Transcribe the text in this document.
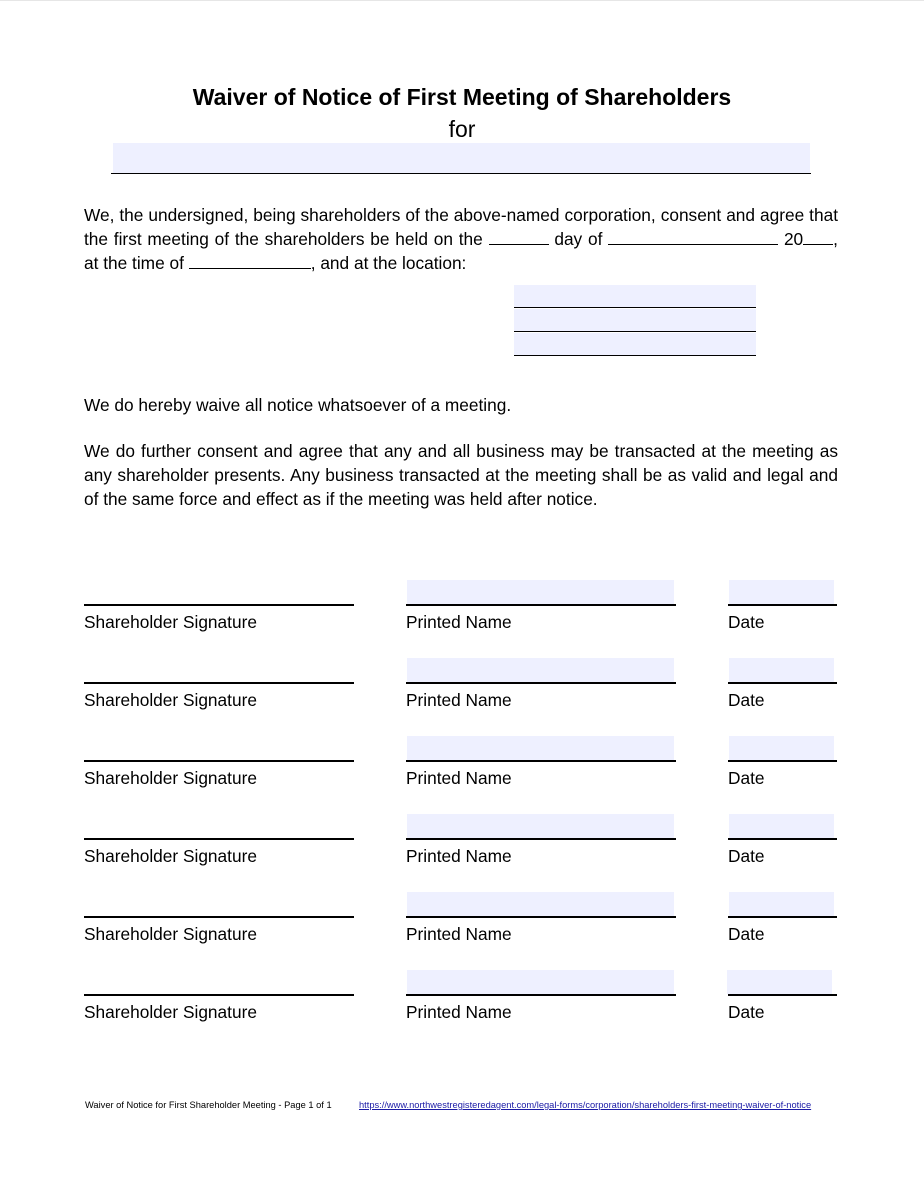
Waiver of Notice of First Meeting of Shareholders
for
We, the undersigned, being shareholders of the above-named corporation, consent and agree that the first meeting of the shareholders be held on the	day of	20 , at the time of	, and at the location:
We do hereby waive all notice whatsoever of a meeting.
We do further consent and agree that any and all business may be transacted at the meeting as any shareholder presents. Any business transacted at the meeting shall be as valid and legal and of the same force and effect as if the meeting was held after notice.
Shareholder Signature	Printed Name	Date
Shareholder Signature	Printed Name	Date
Shareholder Signature	Printed Name	Date
Shareholder Signature	Printed Name	Date
Shareholder Signature	Printed Name	Date
Shareholder Signature	Printed Name	Date
Waiver of Notice for First Shareholder Meeting - Page 1 of 1	https://www.northwestregisteredagent.com/legal-forms/corporation/shareholders-first-meeting-waiver-of-notice
